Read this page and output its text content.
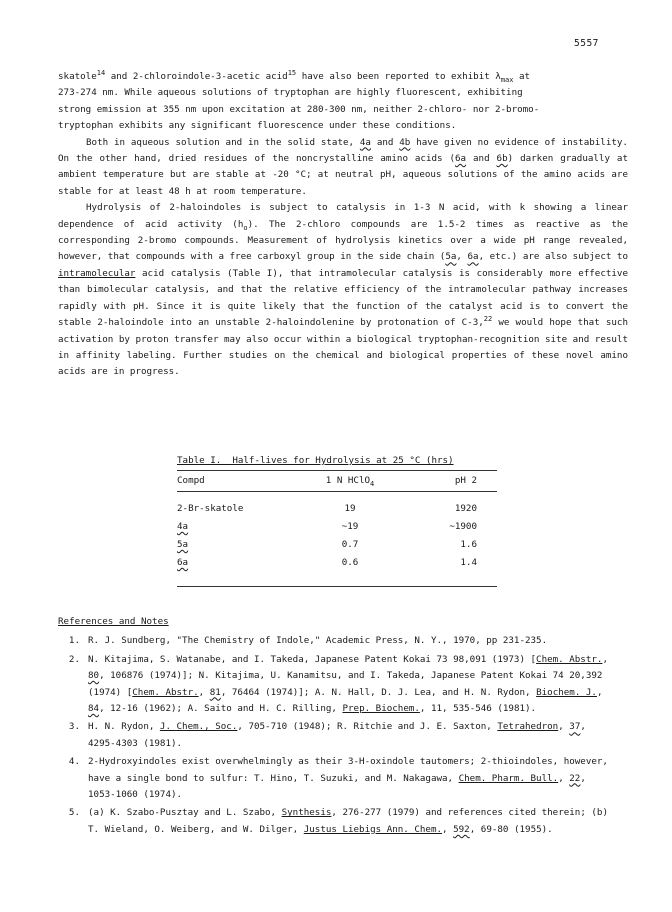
5557

skatole$^{14}$ and 2-chloroindole-3-acetic acid$^{15}$ have also been reported to exhibit $\lambda_{max}$ at
273-274 nm. While aqueous solutions of tryptophan are highly fluorescent, exhibiting
strong emission at 355 nm upon excitation at 280-300 nm, neither 2-chloro- nor 2-bromo-
tryptophan exhibits any significant fluorescence under these conditions.

Both in aqueous solution and in the solid state, 4a and 4b have given no evidence of instability. On the other hand, dried residues of the noncrystalline amino acids (6a and 6b) darken gradually at ambient temperature but are stable at -20 °C; at neutral pH, aqueous solutions of the amino acids are stable for at least 48 h at room temperature.

Hydrolysis of 2-haloindoles is subject to catalysis in 1-3 N acid, with k showing a linear dependence of acid activity $(h_o)$. The 2-chloro compounds are 1.5-2 times as reactive as the corresponding 2-bromo compounds. Measurement of hydrolysis kinetics over a wide pH range revealed, however, that compounds with a free carboxyl group in the side chain (5a, 6a, etc.) are also subject to intramolecular acid catalysis (Table I), that intramolecular catalysis is considerably more effective than bimolecular catalysis, and that the relative efficiency of the intramolecular pathway increases rapidly with pH. Since it is quite likely that the function of the catalyst acid is to convert the stable 2-haloindole into an unstable 2-haloindolenine by protonation of C-3,22 we would hope that such activation by proton transfer may also occur within a biological tryptophan-recognition site and result in affinity labeling. Further studies on the chemical and biological properties of these novel amino acids are in progress.

Table I.  Half-lives for Hydrolysis at 25 °C (hrs)
Compd	1 N HClO$_4$	pH 2

2-Br-skatole	19	1920
4a	~19	~1900
5a	0.7	1.6
6a	0.6	1.4

References and Notes
1. R. J. Sundberg, "The Chemistry of Indole," Academic Press, N. Y., 1970, pp 231-235.
2. N. Kitajima, S. Watanabe, and I. Takeda, Japanese Patent Kokai 73 98,091 (1973) [Chem. Abstr., 80, 106876 (1974)]; N. Kitajima, U. Kanamitsu, and I. Takeda, Japanese Patent Kokai 74 20,392 (1974) [Chem. Abstr., 81, 76464 (1974)]; A. N. Hall, D. J. Lea, and H. N. Rydon, Biochem. J., 84, 12-16 (1962); A. Saito and H. C. Rilling, Prep. Biochem., 11, 535-546 (1981).
3. H. N. Rydon, J. Chem., Soc., 705-710 (1948); R. Ritchie and J. E. Saxton, Tetrahedron, 37, 4295-4303 (1981).
4. 2-Hydroxyindoles exist overwhelmingly as their 3-H-oxindole tautomers; 2-thioindoles, however, have a single bond to sulfur: T. Hino, T. Suzuki, and M. Nakagawa, Chem. Pharm. Bull., 22, 1053-1060 (1974).
5. (a) K. Szabo-Pusztay and L. Szabo, Synthesis, 276-277 (1979) and references cited therein; (b) T. Wieland, O. Weiberg, and W. Dilger, Justus Liebigs Ann. Chem., 592, 69-80 (1955).
